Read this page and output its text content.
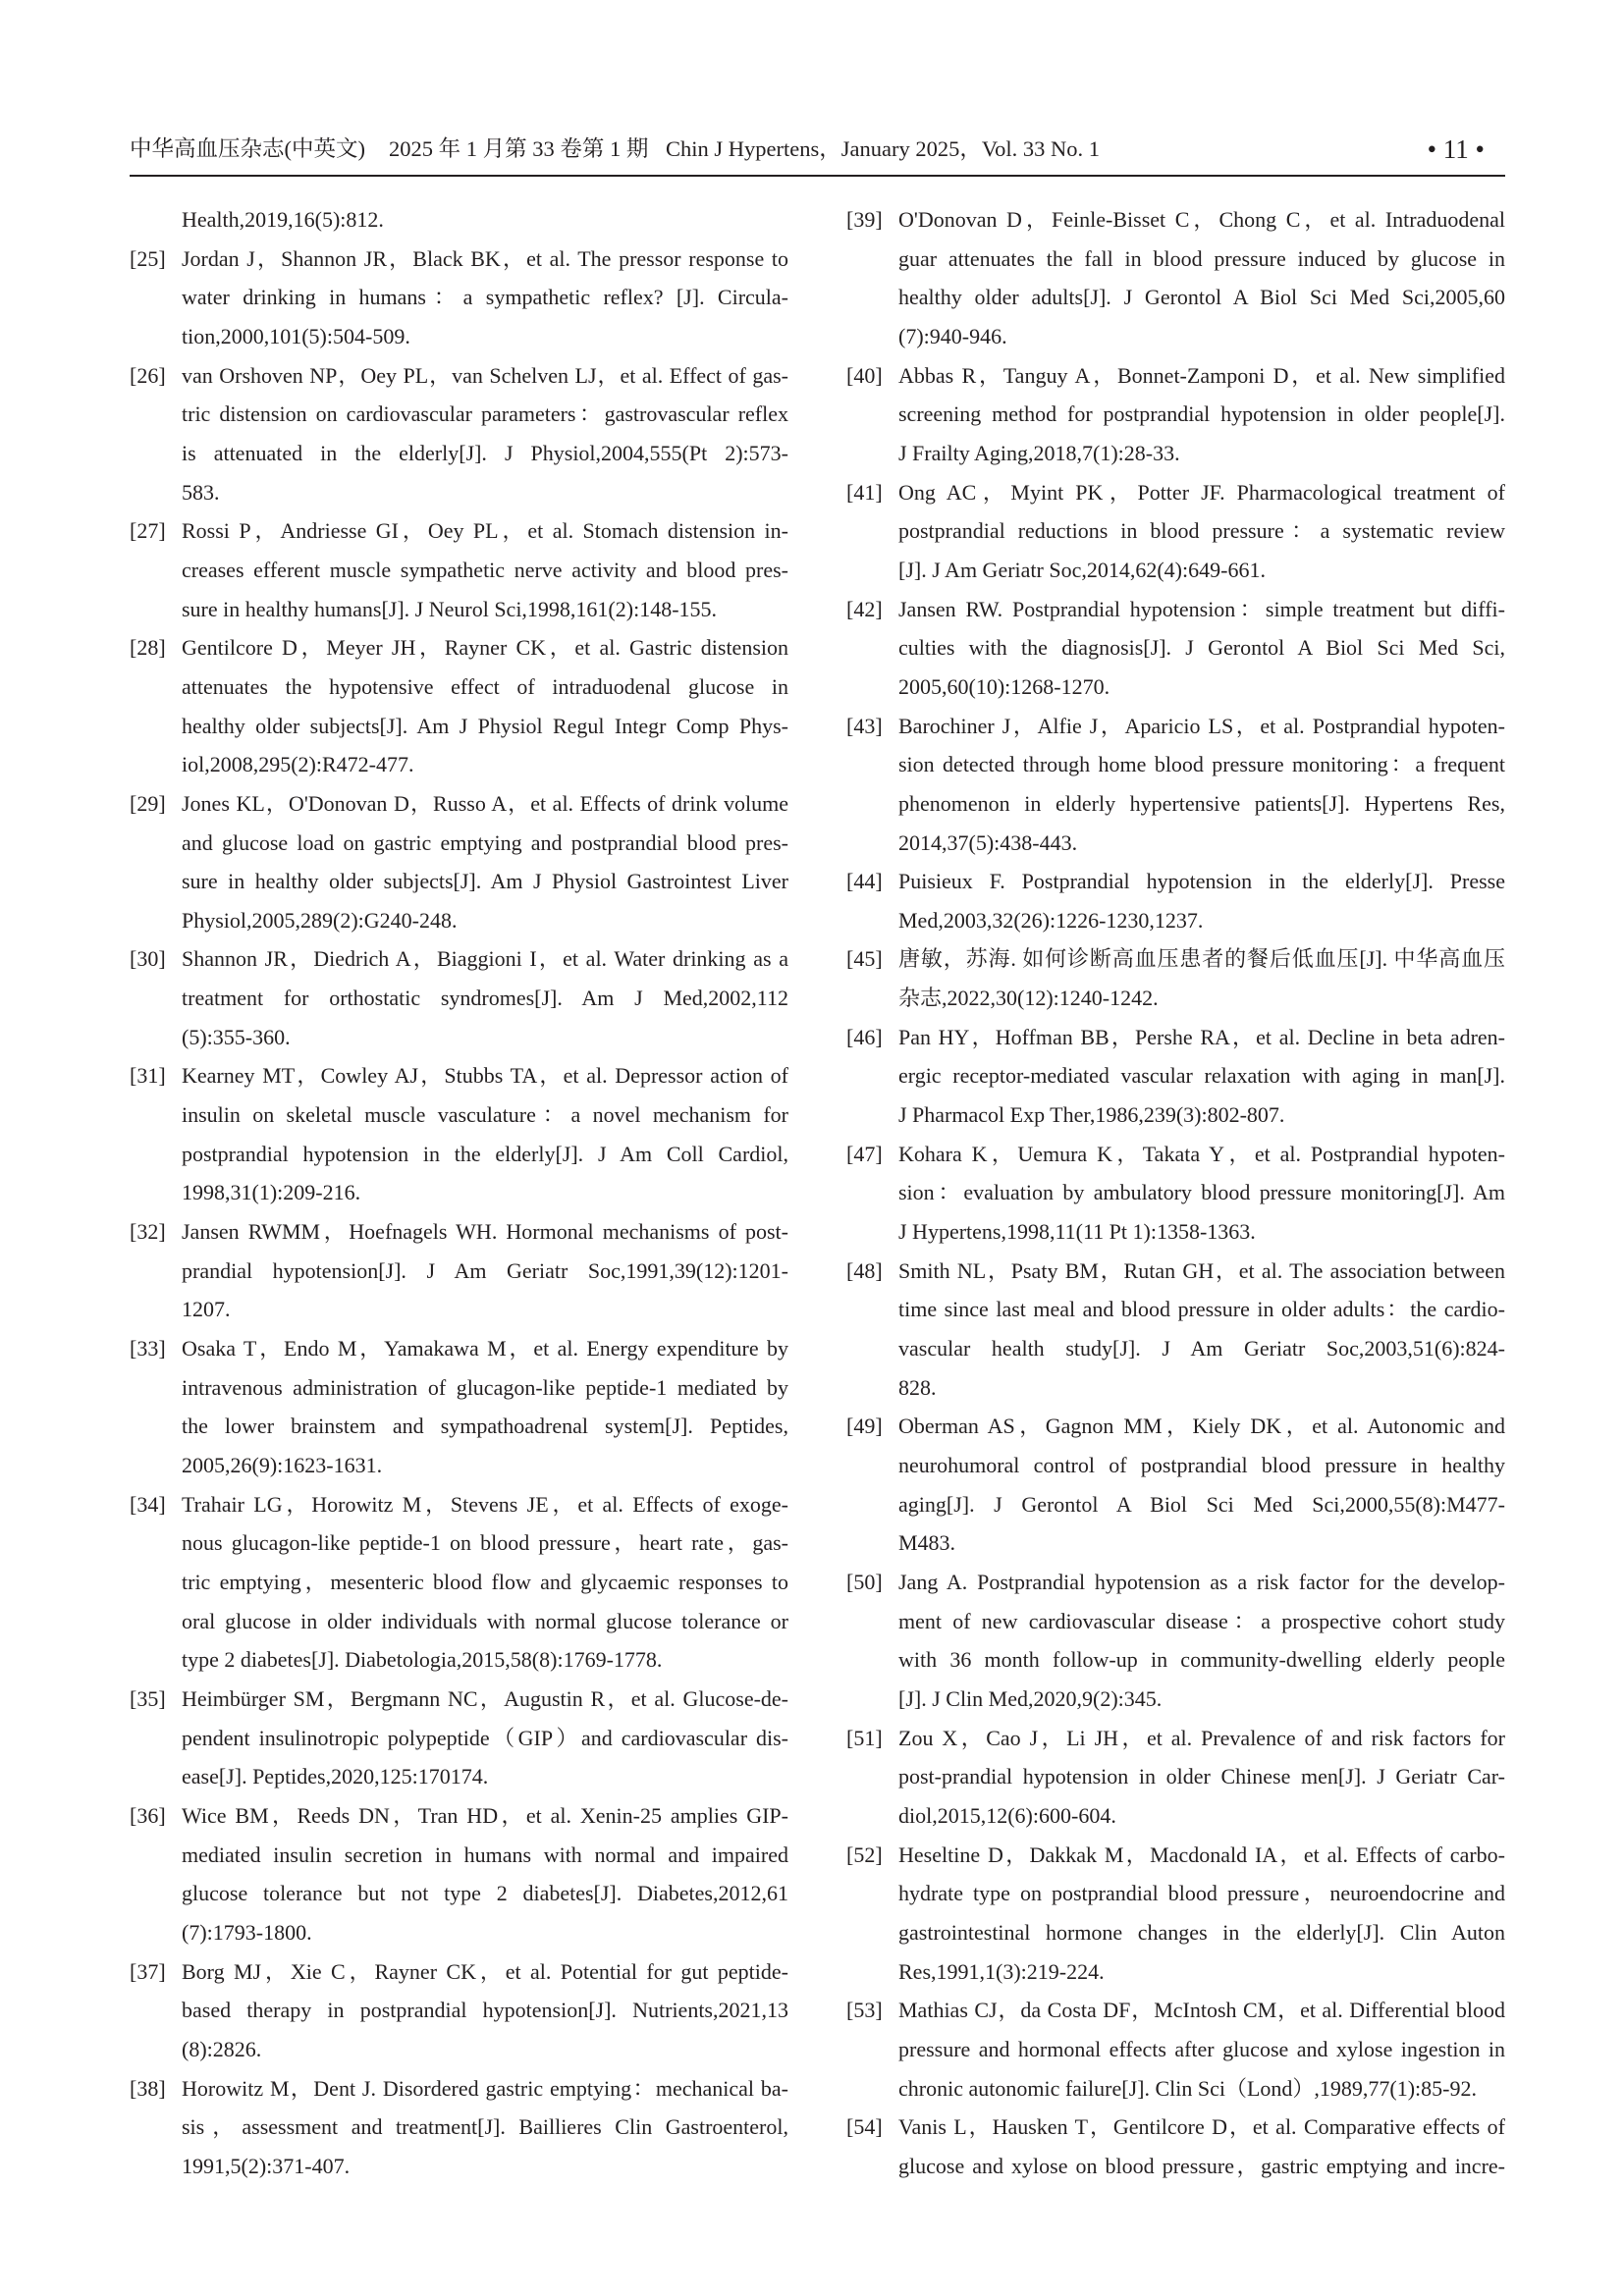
中华高血压杂志(中英文) 2025 年 1 月第 33 卷第 1 期 Chin J Hypertens，January 2025，Vol. 33 No. 1	• 11 •
Health,2019,16(5):812.
[25] Jordan J，Shannon JR，Black BK，et al. The pressor response to
water drinking in humans：a sympathetic reflex? [J]. Circula-
tion,2000,101(5):504-509.
[26] van Orshoven NP，Oey PL，van Schelven LJ，et al. Effect of gas-
tric distension on cardiovascular parameters：gastrovascular reflex
is attenuated in the elderly[J]. J Physiol,2004,555(Pt 2):573-
583.
[27] Rossi P，Andriesse GI，Oey PL，et al. Stomach distension in-
creases efferent muscle sympathetic nerve activity and blood pres-
sure in healthy humans[J]. J Neurol Sci,1998,161(2):148-155.
[28] Gentilcore D，Meyer JH，Rayner CK，et al. Gastric distension
attenuates the hypotensive effect of intraduodenal glucose in
healthy older subjects[J]. Am J Physiol Regul Integr Comp Phys-
iol,2008,295(2):R472-477.
[29] Jones KL，O'Donovan D，Russo A，et al. Effects of drink volume
and glucose load on gastric emptying and postprandial blood pres-
sure in healthy older subjects[J]. Am J Physiol Gastrointest Liver
Physiol,2005,289(2):G240-248.
[30] Shannon JR，Diedrich A，Biaggioni I，et al. Water drinking as a
treatment for orthostatic syndromes[J]. Am J Med,2002,112
(5):355-360.
[31] Kearney MT，Cowley AJ，Stubbs TA，et al. Depressor action of
insulin on skeletal muscle vasculature：a novel mechanism for
postprandial hypotension in the elderly[J]. J Am Coll Cardiol,
1998,31(1):209-216.
[32] Jansen RWMM，Hoefnagels WH. Hormonal mechanisms of post-
prandial hypotension[J]. J Am Geriatr Soc,1991,39(12):1201-
1207.
[33] Osaka T，Endo M，Yamakawa M，et al. Energy expenditure by
intravenous administration of glucagon-like peptide-1 mediated by
the lower brainstem and sympathoadrenal system[J]. Peptides,
2005,26(9):1623-1631.
[34] Trahair LG，Horowitz M，Stevens JE，et al. Effects of exoge-
nous glucagon-like peptide-1 on blood pressure，heart rate，gas-
tric emptying，mesenteric blood flow and glycaemic responses to
oral glucose in older individuals with normal glucose tolerance or
type 2 diabetes[J]. Diabetologia,2015,58(8):1769-1778.
[35] Heimbürger SM，Bergmann NC，Augustin R，et al. Glucose-de-
pendent insulinotropic polypeptide（GIP）and cardiovascular dis-
ease[J]. Peptides,2020,125:170174.
[36] Wice BM，Reeds DN，Tran HD，et al. Xenin-25 amplies GIP-
mediated insulin secretion in humans with normal and impaired
glucose tolerance but not type 2 diabetes[J]. Diabetes,2012,61
(7):1793-1800.
[37] Borg MJ，Xie C，Rayner CK，et al. Potential for gut peptide-
based therapy in postprandial hypotension[J]. Nutrients,2021,13
(8):2826.
[38] Horowitz M，Dent J. Disordered gastric emptying：mechanical ba-
sis，assessment and treatment[J]. Baillieres Clin Gastroenterol,
1991,5(2):371-407.
[39] O'Donovan D，Feinle-Bisset C，Chong C，et al. Intraduodenal
guar attenuates the fall in blood pressure induced by glucose in
healthy older adults[J]. J Gerontol A Biol Sci Med Sci,2005,60
(7):940-946.
[40] Abbas R，Tanguy A，Bonnet-Zamponi D，et al. New simplified
screening method for postprandial hypotension in older people[J].
J Frailty Aging,2018,7(1):28-33.
[41] Ong AC，Myint PK，Potter JF. Pharmacological treatment of
postprandial reductions in blood pressure：a systematic review
[J]. J Am Geriatr Soc,2014,62(4):649-661.
[42] Jansen RW. Postprandial hypotension：simple treatment but diffi-
culties with the diagnosis[J]. J Gerontol A Biol Sci Med Sci,
2005,60(10):1268-1270.
[43] Barochiner J，Alfie J，Aparicio LS，et al. Postprandial hypoten-
sion detected through home blood pressure monitoring：a frequent
phenomenon in elderly hypertensive patients[J]. Hypertens Res,
2014,37(5):438-443.
[44] Puisieux F. Postprandial hypotension in the elderly[J]. Presse
Med,2003,32(26):1226-1230,1237.
[45] 唐敏，苏海. 如何诊断高血压患者的餐后低血压[J]. 中华高血压
杂志,2022,30(12):1240-1242.
[46] Pan HY，Hoffman BB，Pershe RA，et al. Decline in beta adren-
ergic receptor-mediated vascular relaxation with aging in man[J].
J Pharmacol Exp Ther,1986,239(3):802-807.
[47] Kohara K，Uemura K，Takata Y，et al. Postprandial hypoten-
sion：evaluation by ambulatory blood pressure monitoring[J]. Am
J Hypertens,1998,11(11 Pt 1):1358-1363.
[48] Smith NL，Psaty BM，Rutan GH，et al. The association between
time since last meal and blood pressure in older adults：the cardio-
vascular health study[J]. J Am Geriatr Soc,2003,51(6):824-
828.
[49] Oberman AS，Gagnon MM，Kiely DK，et al. Autonomic and
neurohumoral control of postprandial blood pressure in healthy
aging[J]. J Gerontol A Biol Sci Med Sci,2000,55(8):M477-
M483.
[50] Jang A. Postprandial hypotension as a risk factor for the develop-
ment of new cardiovascular disease：a prospective cohort study
with 36 month follow-up in community-dwelling elderly people
[J]. J Clin Med,2020,9(2):345.
[51] Zou X，Cao J，Li JH，et al. Prevalence of and risk factors for
post-prandial hypotension in older Chinese men[J]. J Geriatr Car-
diol,2015,12(6):600-604.
[52] Heseltine D，Dakkak M，Macdonald IA，et al. Effects of carbo-
hydrate type on postprandial blood pressure，neuroendocrine and
gastrointestinal hormone changes in the elderly[J]. Clin Auton
Res,1991,1(3):219-224.
[53] Mathias CJ，da Costa DF，McIntosh CM，et al. Differential blood
pressure and hormonal effects after glucose and xylose ingestion in
chronic autonomic failure[J]. Clin Sci（Lond）,1989,77(1):85-92.
[54] Vanis L，Hausken T，Gentilcore D，et al. Comparative effects of
glucose and xylose on blood pressure，gastric emptying and incre-
